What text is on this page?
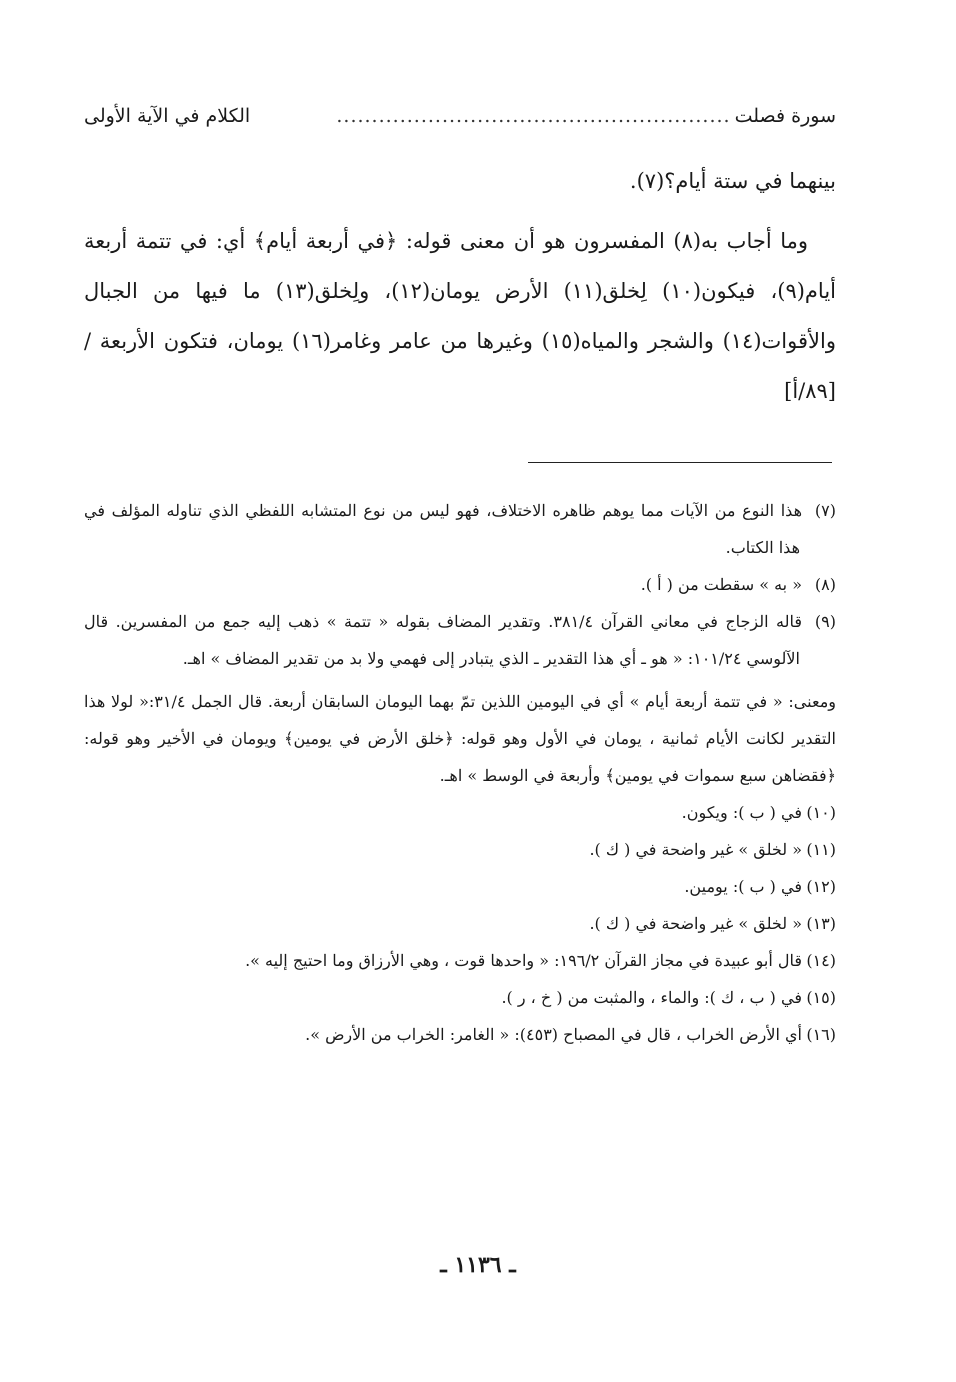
سورة فصلت
........................................................
الكلام في الآية الأولى

بينهما في ستة أيام؟(٧).

وما أجاب به(٨) المفسرون هو أن معنى قوله: ﴿في أربعة أيام﴾ أي: في تتمة أربعة أيام(٩)، فيكون(١٠) لِخلق(١١) الأرض يومان(١٢)، ولِخلق(١٣) ما فيها من الجبال والأقوات(١٤) والشجر والمياه(١٥) وغيرها من عامر وغامر(١٦) يومان، فتكون الأربعة / [٨٩/أ]

(٧)هذا النوع من الآيات مما يوهم ظاهره الاختلاف، فهو ليس من نوع المتشابه اللفظي الذي تناوله المؤلف في هذا الكتاب.

(٨)« به » سقطت من ( أ ).

(٩)قاله الزجاج في معاني القرآن ٣٨١/٤. وتقدير المضاف بقوله « تتمة » ذهب إليه جمع من المفسرين. قال الآلوسي ١٠١/٢٤: « هو ـ أي هذا التقدير ـ الذي يتبادر إلى فهمي ولا بد من تقدير المضاف » اهـ.

ومعنى: « في تتمة أربعة أيام » أي في اليومين اللذين تمّ بهما اليومان السابقان أربعة. قال الجمل ٣١/٤:« لولا هذا التقدير لكانت الأيام ثمانية ، يومان في الأول وهو قوله: ﴿خلق الأرض في يومين﴾ ويومان في الأخير وهو قوله: ﴿فقضاهن سبع سموات في يومين﴾ وأربعة في الوسط » اهـ.

(١٠)في ( ب ): ويكون.

(١١)« لخلق » غير واضحة في ( ك ).

(١٢)في ( ب ): يومين.

(١٣)« لخلق » غير واضحة في ( ك ).

(١٤)قال أبو عبيدة في مجاز القرآن ١٩٦/٢: « واحدها قوت ، وهي الأرزاق وما احتيج إليه ».

(١٥)في ( ب ، ك ): والماء ، والمثبت من ( خ ، ر ).

(١٦)أي الأرض الخراب ، قال في المصباح (٤٥٣): « الغامر: الخراب من الأرض ».

ـ ١١٣٦ ـ
